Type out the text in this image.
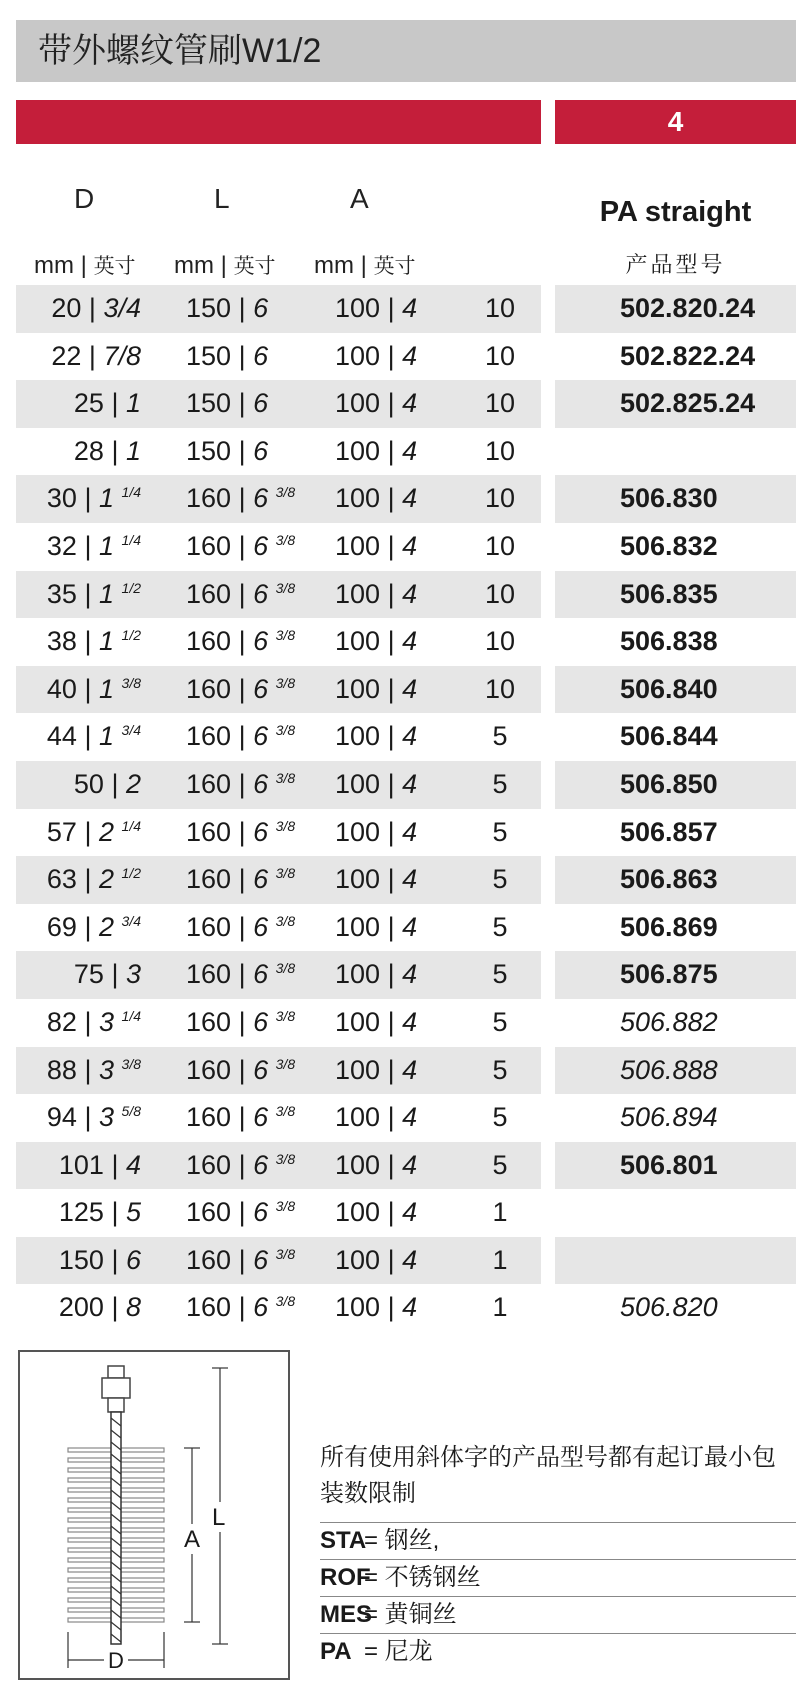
带外螺纹管刷W1/2
4
D	L	A	PA straight
mm | 英寸 mm | 英寸 mm | 英寸	产品型号
20 | 3/4 150 | 6 100 | 4	10	502.820.24
22 | 7/8 150 | 6 100 | 4	10	502.822.24
25 | 1 150 | 6 100 | 4	10	502.825.24
28 | 1 150 | 6 100 | 4	10
30 | 1 $^{1/4}$ 160 | 6 $^{3/8}$ 100 | 4	10	506.830
32 | 1 $^{1/4}$ 160 | 6 $^{3/8}$ 100 | 4	10	506.832
35 | 1 $^{1/2}$ 160 | 6 $^{3/8}$ 100 | 4	10	506.835
38 | 1 $^{1/2}$ 160 | 6 $^{3/8}$ 100 | 4	10	506.838
40 | 1 $^{3/8}$ 160 | 6 $^{3/8}$ 100 | 4	10	506.840
44 | 1 $^{3/4}$ 160 | 6 $^{3/8}$ 100 | 4	5	506.844
50 | 2 160 | 6 $^{3/8}$ 100 | 4	5	506.850
57 | 2 $^{1/4}$ 160 | 6 $^{3/8}$ 100 | 4	5	506.857
63 | 2 $^{1/2}$ 160 | 6 $^{3/8}$ 100 | 4	5	506.863
69 | 2 $^{3/4}$ 160 | 6 $^{3/8}$ 100 | 4	5	506.869
75 | 3 160 | 6 $^{3/8}$ 100 | 4	5	506.875
82 | 3 $^{1/4}$ 160 | 6 $^{3/8}$ 100 | 4	5	506.882
88 | 3 $^{3/8}$ 160 | 6 $^{3/8}$ 100 | 4	5	506.888
94 | 3 $^{5/8}$ 160 | 6 $^{3/8}$ 100 | 4	5	506.894
101 | 4 160 | 6 $^{3/8}$ 100 | 4	5	506.801
125 | 5 160 | 6 $^{3/8}$ 100 | 4	1
150 | 6 160 | 6 $^{3/8}$ 100 | 4	1
200 | 8 160 | 6 $^{3/8}$ 100 | 4	1	506.820
L
A
D
所有使用斜体字的产品型号都有起订最小包装数限制
STA= 钢丝,
ROF= 不锈钢丝
MES= 黄铜丝
PA = 尼龙
